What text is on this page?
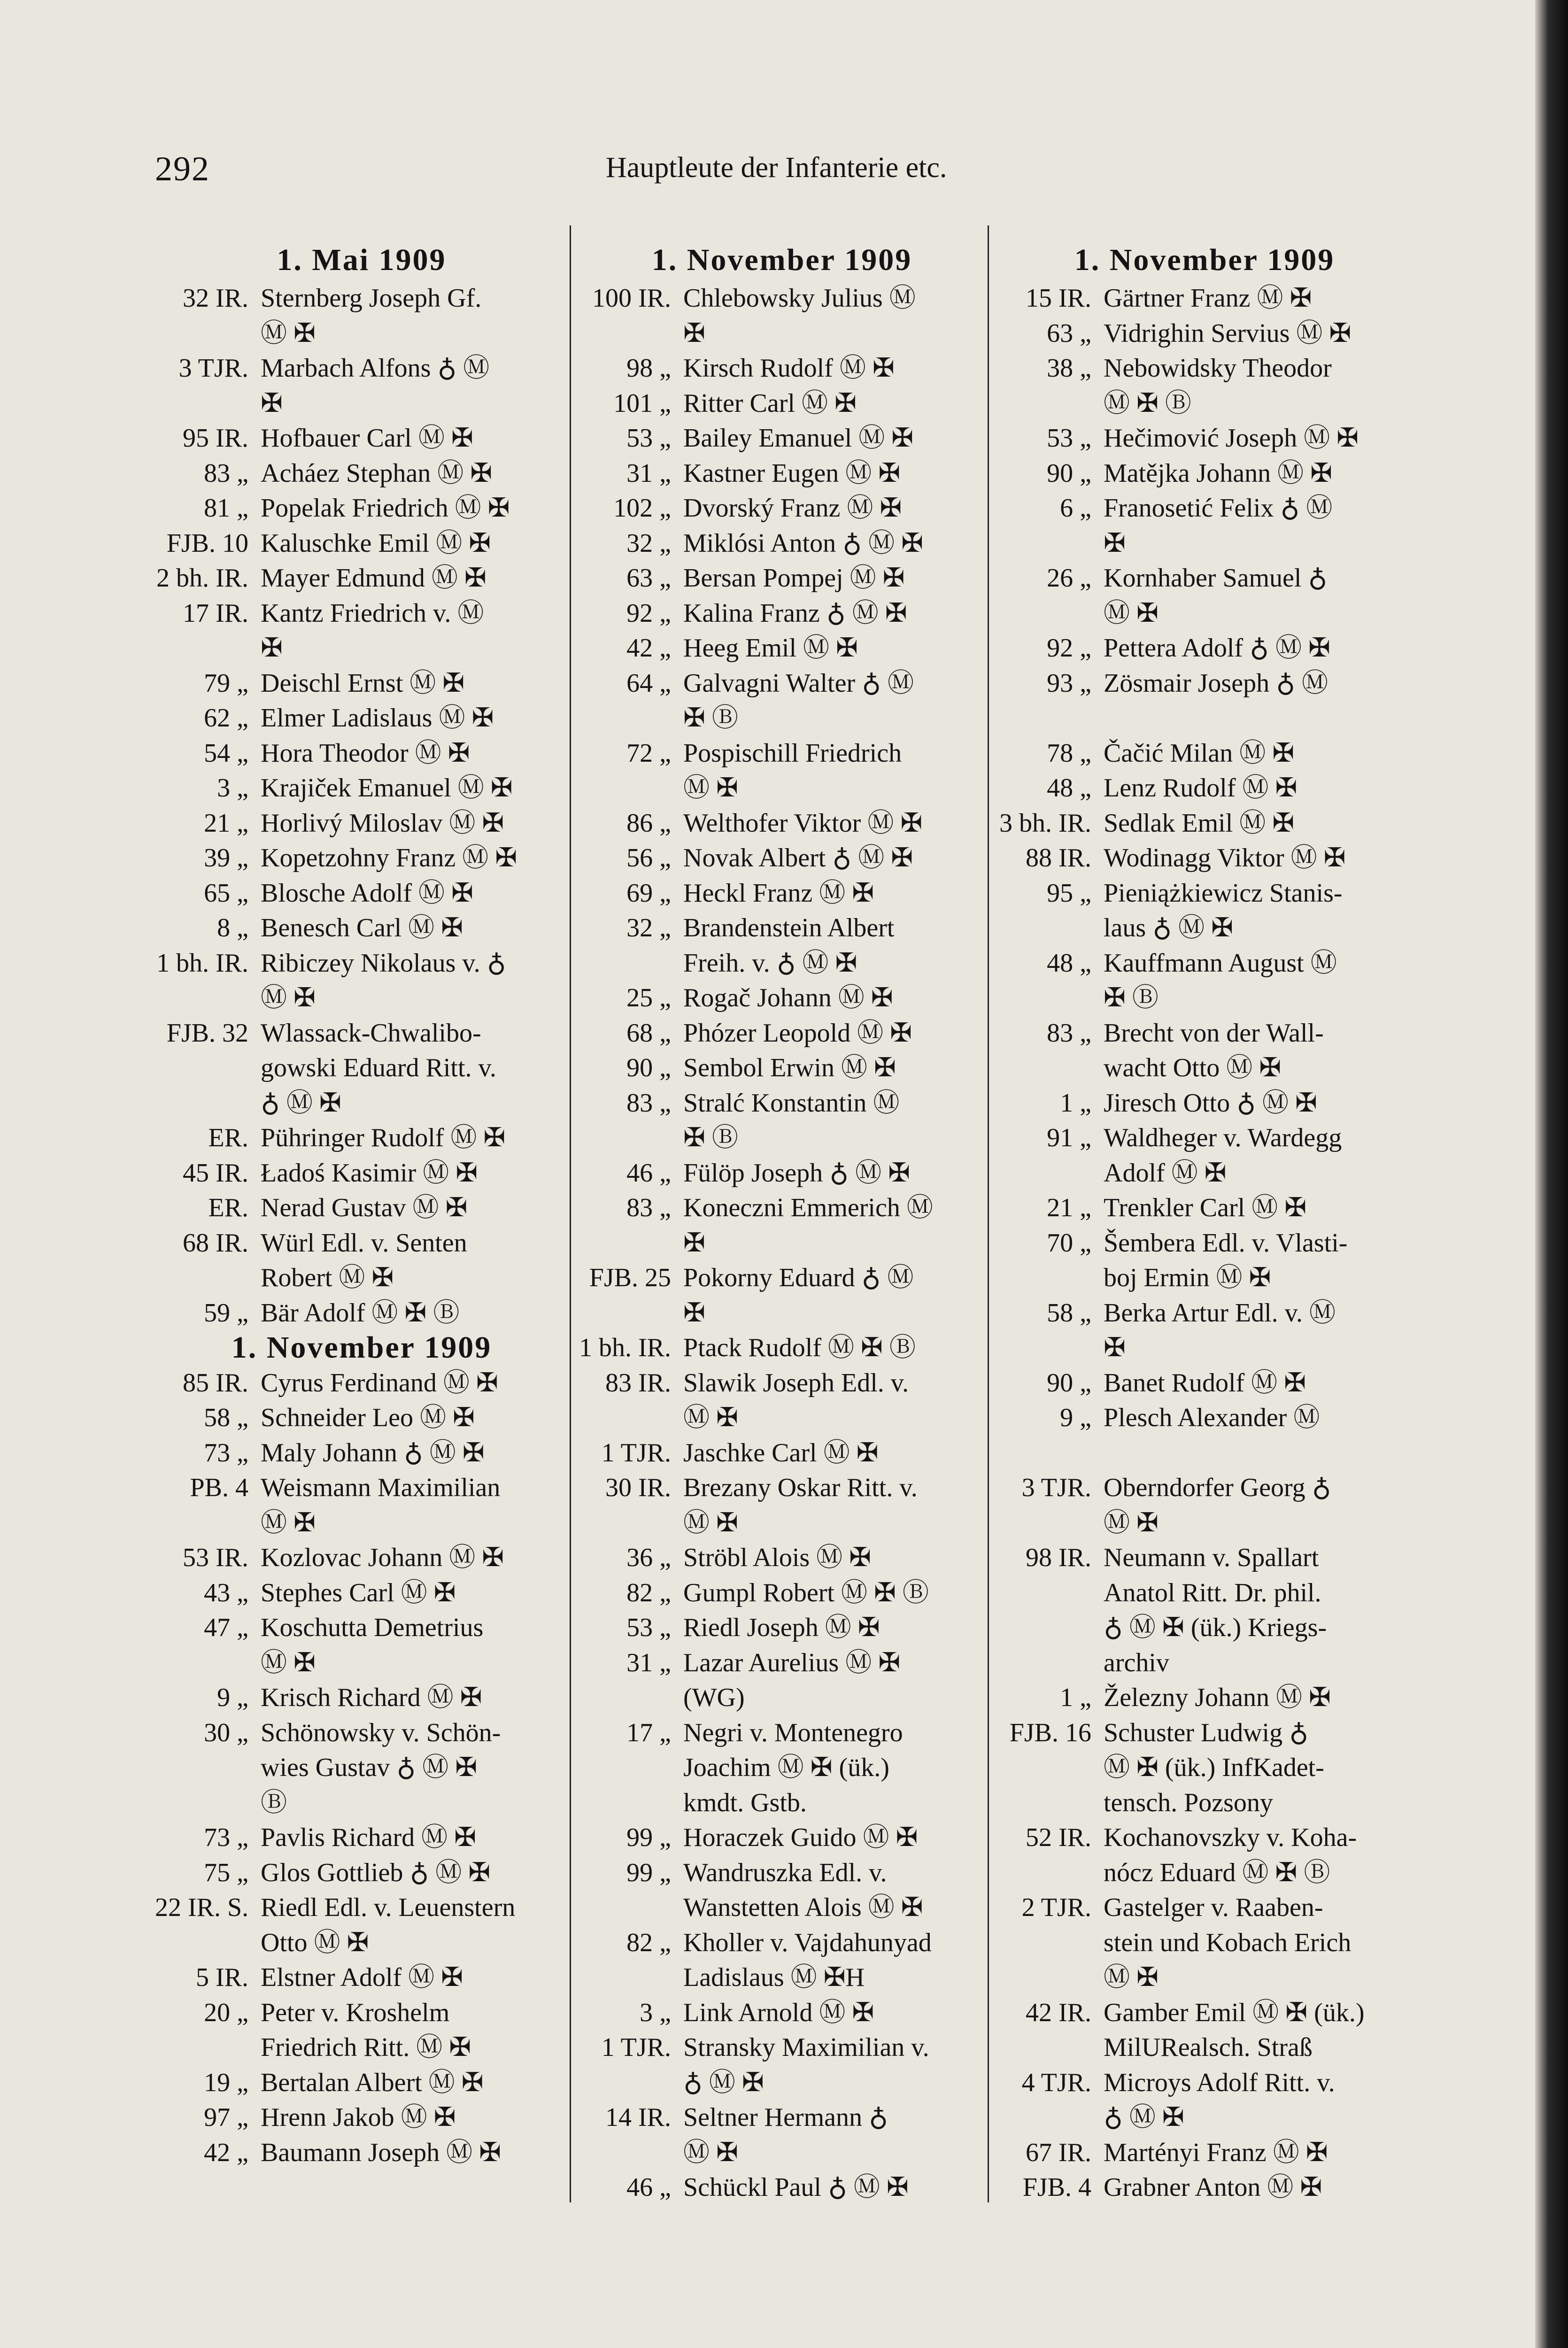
292	Hauptleute der Infanterie etc.
1. Mai 1909
32 IR. Sternberg Joseph Gf.
Ⓜ ✠
3 TJR. Marbach Alfons ♁ Ⓜ
✠
95 IR. Hofbauer Carl Ⓜ ✠
83 „ Acháez Stephan Ⓜ ✠
81 „ Popelak Friedrich Ⓜ ✠
FJB. 10 Kaluschke Emil Ⓜ ✠
2 bh. IR. Mayer Edmund Ⓜ ✠
17 IR. Kantz Friedrich v. Ⓜ
✠
79 „ Deischl Ernst Ⓜ ✠
62 „ Elmer Ladislaus Ⓜ ✠
54 „ Hora Theodor Ⓜ ✠
3 „ Krajiček Emanuel Ⓜ ✠
21 „ Horlivý Miloslav Ⓜ ✠
39 „ Kopetzohny Franz Ⓜ ✠
65 „ Blosche Adolf Ⓜ ✠
8 „ Benesch Carl Ⓜ ✠
1 bh. IR. Ribiczey Nikolaus v. ♁
Ⓜ ✠
FJB. 32 Wlassack-Chwalibo-
gowski Eduard Ritt. v.
♁ Ⓜ ✠
ER. Pühringer Rudolf Ⓜ ✠
45 IR. Ładoś Kasimir Ⓜ ✠
ER. Nerad Gustav Ⓜ ✠
68 IR. Würl Edl. v. Senten
Robert Ⓜ ✠
59 „ Bär Adolf Ⓜ ✠ Ⓑ
1. November 1909
85 IR. Cyrus Ferdinand Ⓜ ✠
58 „ Schneider Leo Ⓜ ✠
73 „ Maly Johann ♁ Ⓜ ✠
PB. 4 Weismann Maximilian
Ⓜ ✠
53 IR. Kozlovac Johann Ⓜ ✠
43 „ Stephes Carl Ⓜ ✠
47 „ Koschutta Demetrius
Ⓜ ✠
9 „ Krisch Richard Ⓜ ✠
30 „ Schönowsky v. Schön-
wies Gustav ♁ Ⓜ ✠
Ⓑ
73 „ Pavlis Richard Ⓜ ✠
75 „ Glos Gottlieb ♁ Ⓜ ✠
22 IR. S. Riedl Edl. v. Leuenstern
Otto Ⓜ ✠
5 IR. Elstner Adolf Ⓜ ✠
20 „ Peter v. Kroshelm
Friedrich Ritt. Ⓜ ✠
19 „ Bertalan Albert Ⓜ ✠
97 „ Hrenn Jakob Ⓜ ✠
42 „ Baumann Joseph Ⓜ ✠
1. November 1909
100 IR. Chlebowsky Julius Ⓜ
✠
98 „ Kirsch Rudolf Ⓜ ✠
101 „ Ritter Carl Ⓜ ✠
53 „ Bailey Emanuel Ⓜ ✠
31 „ Kastner Eugen Ⓜ ✠
102 „ Dvorský Franz Ⓜ ✠
32 „ Miklósi Anton ♁ Ⓜ ✠
63 „ Bersan Pompej Ⓜ ✠
92 „ Kalina Franz ♁ Ⓜ ✠
42 „ Heeg Emil Ⓜ ✠
64 „ Galvagni Walter ♁ Ⓜ
✠ Ⓑ
72 „ Pospischill Friedrich
Ⓜ ✠
86 „ Welthofer Viktor Ⓜ ✠
56 „ Novak Albert ♁ Ⓜ ✠
69 „ Heckl Franz Ⓜ ✠
32 „ Brandenstein Albert
Freih. v. ♁ Ⓜ ✠
25 „ Rogač Johann Ⓜ ✠
68 „ Phózer Leopold Ⓜ ✠
90 „ Sembol Erwin Ⓜ ✠
83 „ Stralć Konstantin Ⓜ
✠ Ⓑ
46 „ Fülöp Joseph ♁ Ⓜ ✠
83 „ Koneczni Emmerich Ⓜ
✠
FJB. 25 Pokorny Eduard ♁ Ⓜ
✠
1 bh. IR. Ptack Rudolf Ⓜ ✠ Ⓑ
83 IR. Slawik Joseph Edl. v.
Ⓜ ✠
1 TJR. Jaschke Carl Ⓜ ✠
30 IR. Brezany Oskar Ritt. v.
Ⓜ ✠
36 „ Ströbl Alois Ⓜ ✠
82 „ Gumpl Robert Ⓜ ✠ Ⓑ
53 „ Riedl Joseph Ⓜ ✠
31 „ Lazar Aurelius Ⓜ ✠
(WG)
17 „ Negri v. Montenegro
Joachim Ⓜ ✠ (ük.)
kmdt. Gstb.
99 „ Horaczek Guido Ⓜ ✠
99 „ Wandruszka Edl. v.
Wanstetten Alois Ⓜ ✠
82 „ Kholler v. Vajdahunyad
Ladislaus Ⓜ ✠H
3 „ Link Arnold Ⓜ ✠
1 TJR. Stransky Maximilian v.
♁ Ⓜ ✠
14 IR. Seltner Hermann ♁
Ⓜ ✠
46 „ Schückl Paul ♁ Ⓜ ✠
1. November 1909
15 IR. Gärtner Franz Ⓜ ✠
63 „ Vidrighin Servius Ⓜ ✠
38 „ Nebowidsky Theodor
Ⓜ ✠ Ⓑ
53 „ Hečimović Joseph Ⓜ ✠
90 „ Matějka Johann Ⓜ ✠
6 „ Franosetić Felix ♁ Ⓜ
✠
26 „ Kornhaber Samuel ♁
Ⓜ ✠
92 „ Pettera Adolf ♁ Ⓜ ✠
93 „ Zösmair Joseph ♁ Ⓜ
78 „ Čačić Milan Ⓜ ✠
48 „ Lenz Rudolf Ⓜ ✠
3 bh. IR. Sedlak Emil Ⓜ ✠
88 IR. Wodinagg Viktor Ⓜ ✠
95 „ Pieniążkiewicz Stanis-
laus ♁ Ⓜ ✠
48 „ Kauffmann August Ⓜ
✠ Ⓑ
83 „ Brecht von der Wall-
wacht Otto Ⓜ ✠
1 „ Jiresch Otto ♁ Ⓜ ✠
91 „ Waldheger v. Wardegg
Adolf Ⓜ ✠
21 „ Trenkler Carl Ⓜ ✠
70 „ Šembera Edl. v. Vlasti-
boj Ermin Ⓜ ✠
58 „ Berka Artur Edl. v. Ⓜ
✠
90 „ Banet Rudolf Ⓜ ✠
9 „ Plesch Alexander Ⓜ
3 TJR. Oberndorfer Georg ♁
Ⓜ ✠
98 IR. Neumann v. Spallart
Anatol Ritt. Dr. phil.
♁ Ⓜ ✠ (ük.) Kriegs-
archiv
1 „ Železny Johann Ⓜ ✠
FJB. 16 Schuster Ludwig ♁
Ⓜ ✠ (ük.) InfKadet-
tensch. Pozsony
52 IR. Kochanovszky v. Koha-
nócz Eduard Ⓜ ✠ Ⓑ
2 TJR. Gastelger v. Raaben-
stein und Kobach Erich
Ⓜ ✠
42 IR. Gamber Emil Ⓜ ✠ (ük.)
MilURealsch. Straß
4 TJR. Microys Adolf Ritt. v.
♁ Ⓜ ✠
67 IR. Martényi Franz Ⓜ ✠
FJB. 4 Grabner Anton Ⓜ ✠
